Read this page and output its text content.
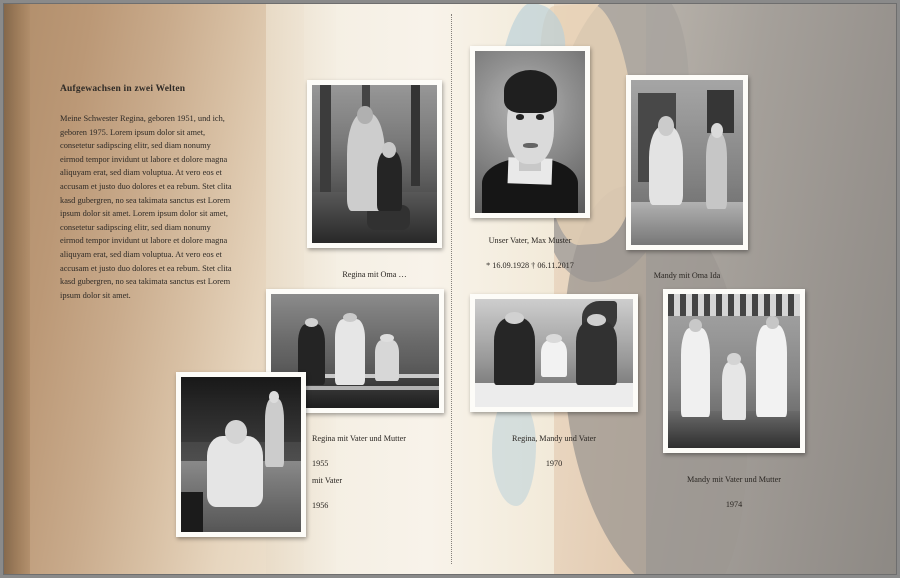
Aufgewachsen in zwei Welten
Meine Schwester Regina, geboren 1951, und ich, geboren 1975. Lorem ipsum dolor sit amet, consetetur sadipscing elitr, sed diam nonumy eirmod tempor invidunt ut labore et dolore magna aliquyam erat, sed diam voluptua. At vero eos et accusam et justo duo dolores et ea rebum. Stet clita kasd gubergren, no sea takimata sanctus est Lorem ipsum dolor sit amet. Lorem ipsum dolor sit amet, consetetur sadipscing elitr, sed diam nonumy eirmod tempor invidunt ut labore et dolore magna aliquyam erat, sed diam voluptua. At vero eos et accusam et justo duo dolores et ea rebum. Stet clita kasd gubergren, no sea takimata sanctus est Lorem ipsum dolor sit amet.

Regina mit Oma …

Unser Vater, Max Muster

* 16.09.1928 † 06.11.2017

Mandy mit Oma Ida

Regina mit Vater und Mutter

1955

mit Vater

1956

Regina, Mandy und Vater

1970

Mandy mit Vater und Mutter

1974
